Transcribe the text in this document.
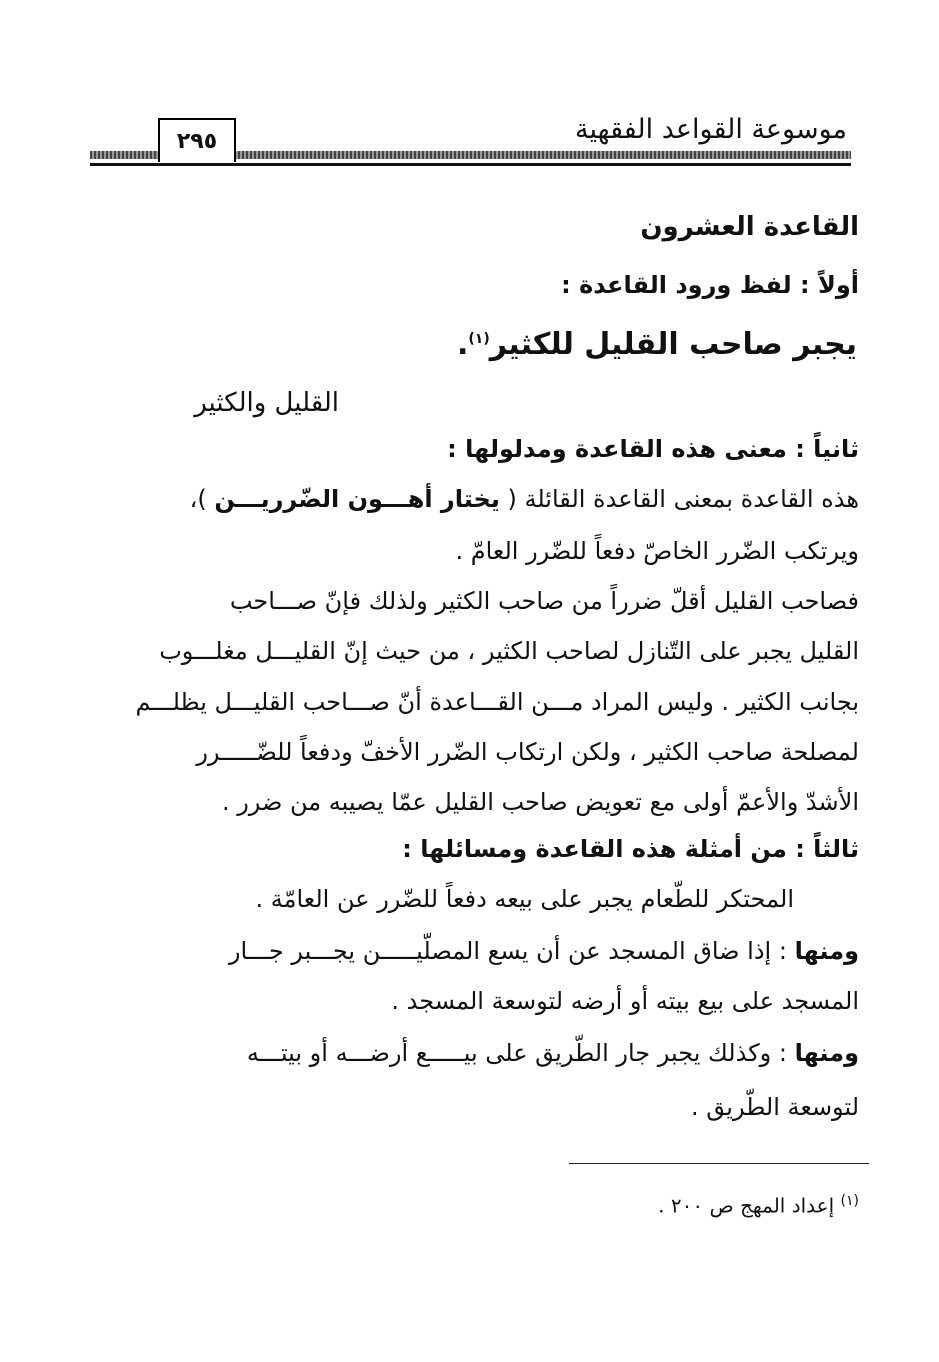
موسوعة القواعد الفقهية
٢٩٥
القاعدة العشرون
أولاً : لفظ ورود القاعدة :
يجبر صاحب القليل للكثير$^{(١)}$.
القليل والكثير
ثانياً : معنى هذه القاعدة ومدلولها :
هذه القاعدة بمعنى القاعدة القائلة ( يختار أهـــون الضّرريـــن )،
ويرتكب الضّرر الخاصّ دفعاً للضّرر العامّ .
فصاحب القليل أقلّ ضرراً من صاحب الكثير ولذلك فإنّ صـــاحب
القليل يجبر على التّنازل لصاحب الكثير ، من حيث إنّ القليـــل مغلـــوب
بجانب الكثير . وليس المراد مـــن القـــاعدة أنّ صـــاحب القليـــل يظلـــم
لمصلحة صاحب الكثير ، ولكن ارتكاب الضّرر الأخفّ ودفعاً للضّـــــرر
الأشدّ والأعمّ أولى مع تعويض صاحب القليل عمّا يصيبه من ضرر .
ثالثاً : من أمثلة هذه القاعدة ومسائلها :
المحتكر للطّعام يجبر على بيعه دفعاً للضّرر عن العامّة .
ومنها : إذا ضاق المسجد عن أن يسع المصلّيـــــن يجـــبر جـــار
المسجد على بيع بيته أو أرضه لتوسعة المسجد .
ومنها : وكذلك يجبر جار الطّريق على بيـــــع أرضـــه أو بيتـــه
لتوسعة الطّريق .
$^{(١)}$ إعداد المهج ص ٢٠٠ .
